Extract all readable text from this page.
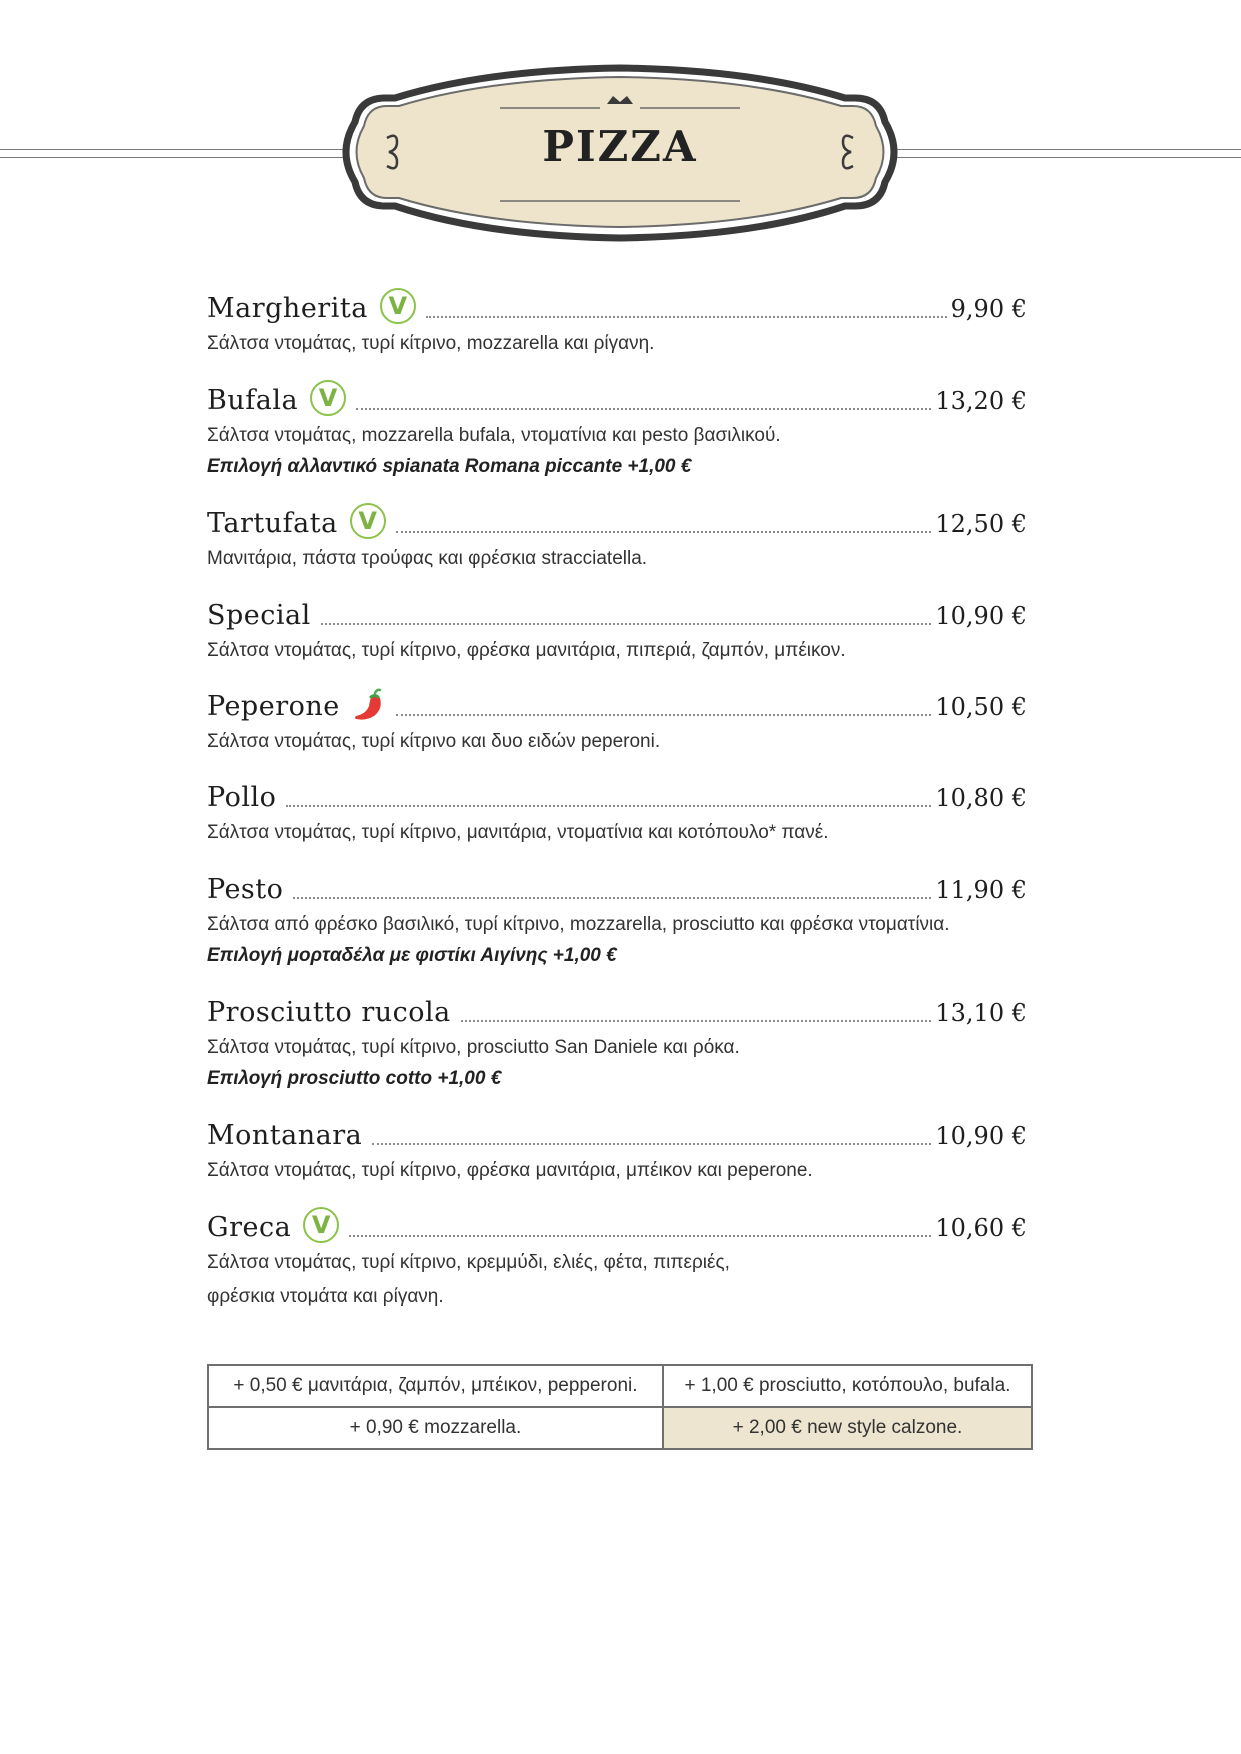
PIZZA
Margherita V	9,90 €
Σάλτσα ντομάτας, τυρί κίτρινο, mozzarella και ρίγανη.
Bufala V	13,20 €
Σάλτσα ντομάτας, mozzarella bufala, ντοματίνια και pesto βασιλικού.
Επιλογή αλλαντικό spianata Romana piccante +1,00 €
Tartufata V	12,50 €
Μανιτάρια, πάστα τρούφας και φρέσκια stracciatella.
Special	10,90 €
Σάλτσα ντομάτας, τυρί κίτρινο, φρέσκα μανιτάρια, πιπεριά, ζαμπόν, μπέικον.
Peperone	10,50 €
Σάλτσα ντομάτας, τυρί κίτρινο και δυο ειδών peperoni.
Pollo	10,80 €
Σάλτσα ντομάτας, τυρί κίτρινο, μανιτάρια, ντοματίνια και κοτόπουλο* πανέ.
Pesto	11,90 €
Σάλτσα από φρέσκο βασιλικό, τυρί κίτρινο, mozzarella, prosciutto και φρέσκα ντοματίνια.
Επιλογή μορταδέλα με φιστίκι Αιγίνης +1,00 €
Prosciutto rucola	13,10 €
Σάλτσα ντομάτας, τυρί κίτρινο, prosciutto San Daniele και ρόκα.
Επιλογή prosciutto cotto +1,00 €
Montanara	10,90 €
Σάλτσα ντομάτας, τυρί κίτρινο, φρέσκα μανιτάρια, μπέικον και peperone.
Greca V	10,60 €
Σάλτσα ντομάτας, τυρί κίτρινο, κρεμμύδι, ελιές, φέτα, πιπεριές,
φρέσκια ντομάτα και ρίγανη.
+ 0,50 € μανιτάρια, ζαμπόν, μπέικον, pepperoni.	+ 1,00 € prosciutto, κοτόπουλο, bufala.
+ 0,90 € mozzarella.	+ 2,00 € new style calzone.
